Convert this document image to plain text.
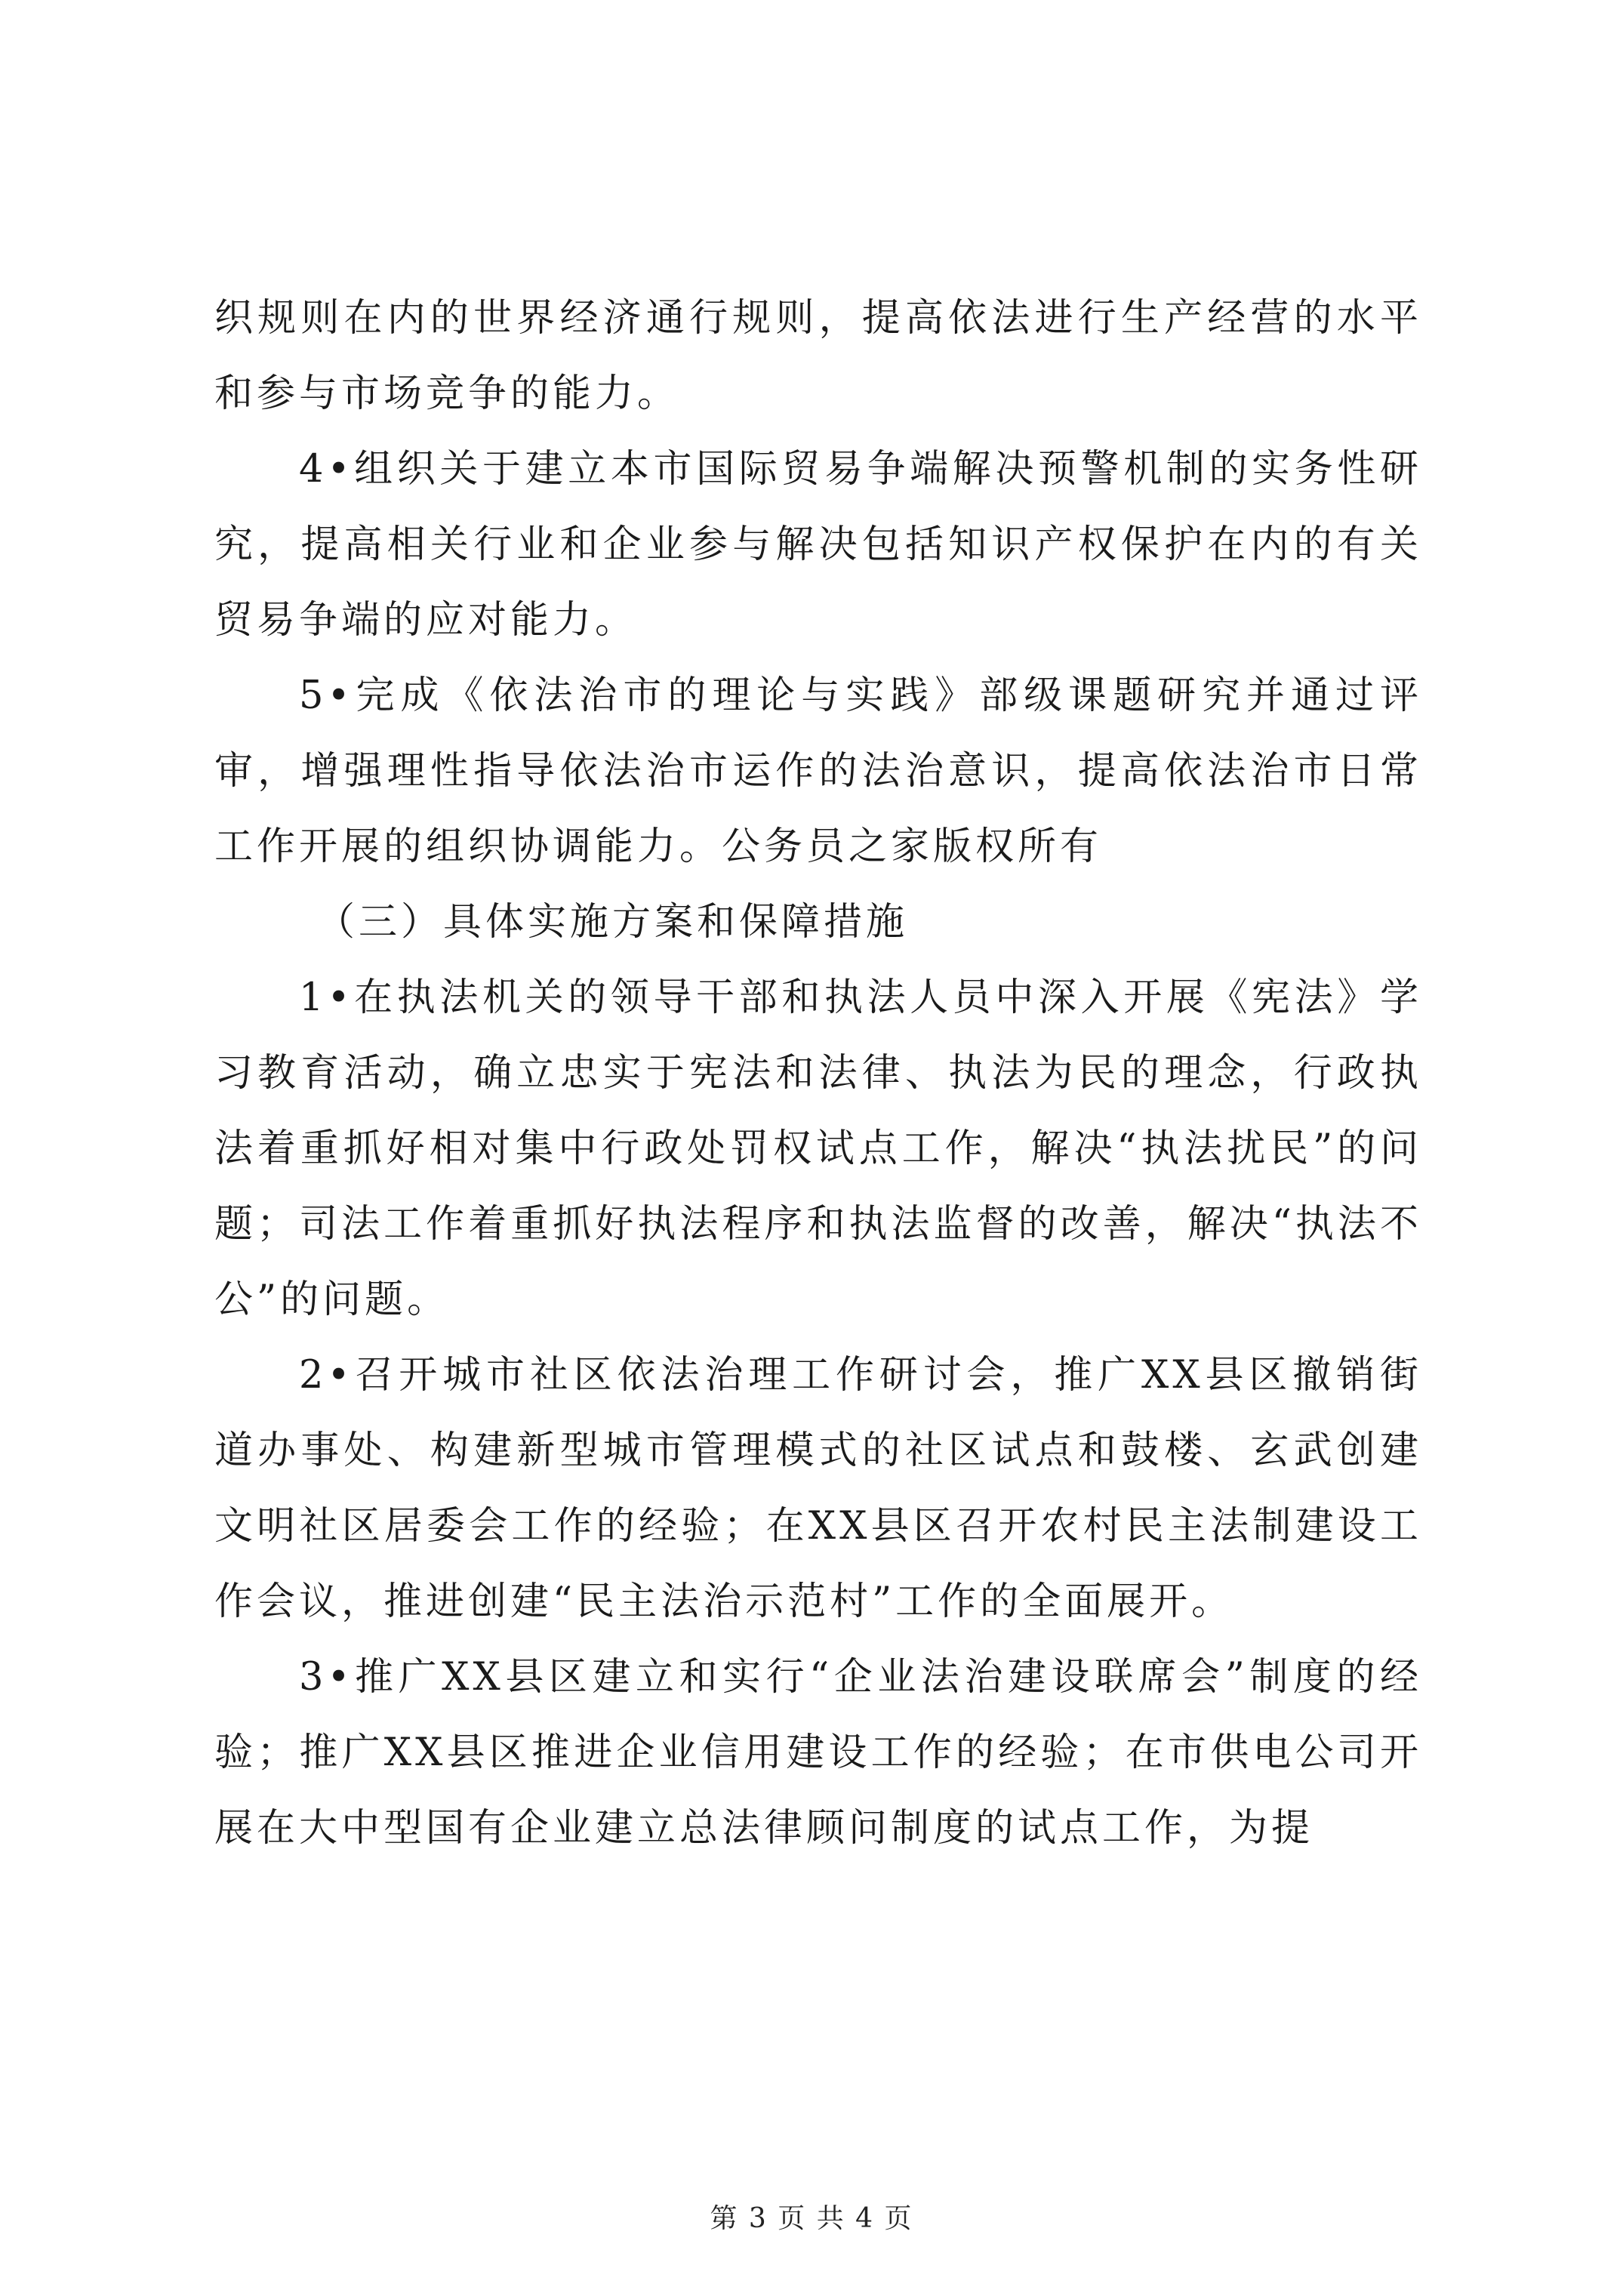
织规则在内的世界经济通行规则，提高依法进行生产经营的水平和参与市场竞争的能力。

4•组织关于建立本市国际贸易争端解决预警机制的实务性研究，提高相关行业和企业参与解决包括知识产权保护在内的有关贸易争端的应对能力。

5•完成《依法治市的理论与实践》部级课题研究并通过评审，增强理性指导依法治市运作的法治意识，提高依法治市日常工作开展的组织协调能力。公务员之家版权所有

（三）具体实施方案和保障措施

1•在执法机关的领导干部和执法人员中深入开展《宪法》学习教育活动，确立忠实于宪法和法律、执法为民的理念，行政执法着重抓好相对集中行政处罚权试点工作，解决“执法扰民”的问题；司法工作着重抓好执法程序和执法监督的改善，解决“执法不公”的问题。

2•召开城市社区依法治理工作研讨会，推广XX县区撤销街道办事处、构建新型城市管理模式的社区试点和鼓楼、玄武创建文明社区居委会工作的经验；在XX县区召开农村民主法制建设工作会议，推进创建“民主法治示范村”工作的全面展开。

3•推广XX县区建立和实行“企业法治建设联席会”制度的经验；推广XX县区推进企业信用建设工作的经验；在市供电公司开展在大中型国有企业建立总法律顾问制度的试点工作，为提

第 3 页 共 4 页
